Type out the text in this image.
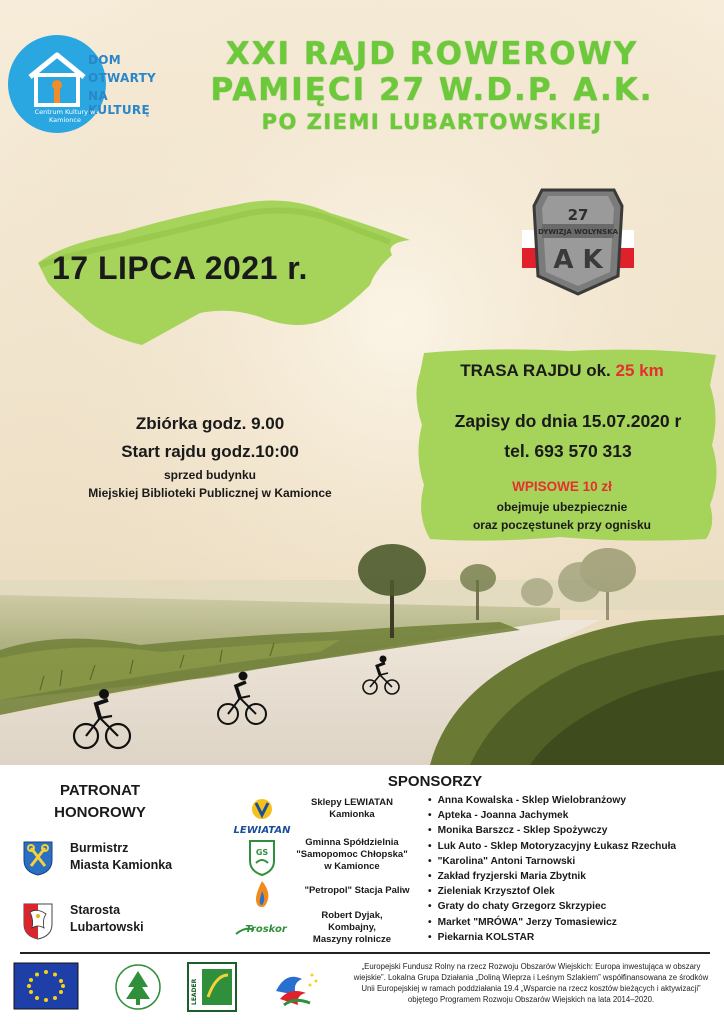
DOM
OTWARTY
NA KULTURĘ
Centrum Kultury w Kamionce
XXI RAJD ROWEROWY
PAMIĘCI 27 W.D.P. A.K.
PO ZIEMI LUBARTOWSKIEJ
17 LIPCA 2021 r.
27
DYWIZJA WOLYNSKA
A K
TRASA RAJDU ok. 25 km
Zapisy do dnia 15.07.2020 r
tel. 693 570 313
WPISOWE 10 zł
obejmuje ubezpiecznie
oraz poczęstunek przy ognisku
Zbiórka godz. 9.00
Start rajdu godz.10:00
sprzed budynku
Miejskiej Biblioteki Publicznej w Kamionce
PATRONAT
HONOROWY
Burmistrz
Miasta Kamionka
Starosta
Lubartowski
SPONSORZY
LEWIATAN
Sklepy LEWIATAN
Kamionka
GS
Gminna Spółdzielnia
"Samopomoc Chłopska"
w Kamionce
"Petropol" Stacja Paliw
Troskor
Robert Dyjak,
Kombajny,
Maszyny rolnicze
• Anna Kowalska - Sklep Wielobranżowy
• Apteka - Joanna Jachymek
• Monika Barszcz - Sklep Spożywczy
• Luk Auto - Sklep Motoryzacyjny Łukasz Rzechuła
• "Karolina" Antoni Tarnowski
• Zakład fryzjerski Maria Zbytnik
• Zieleniak Krzysztof Olek
• Graty do chaty Grzegorz Skrzypiec
• Market "MRÓWA" Jerzy Tomasiewicz
• Piekarnia KOLSTAR
LEADER
„Europejski Fundusz Rolny na rzecz Rozwoju Obszarów Wiejskich: Europa inwestująca w obszary wiejskie”. Lokalna Grupa Działania „Doliną Wieprza i Leśnym Szlakiem” współfinansowana ze środków Unii Europejskiej w ramach poddziałania 19.4 „Wsparcie na rzecz kosztów bieżących i aktywizacji” objętego Programem Rozwoju Obszarów Wiejskich na lata 2014–2020.
